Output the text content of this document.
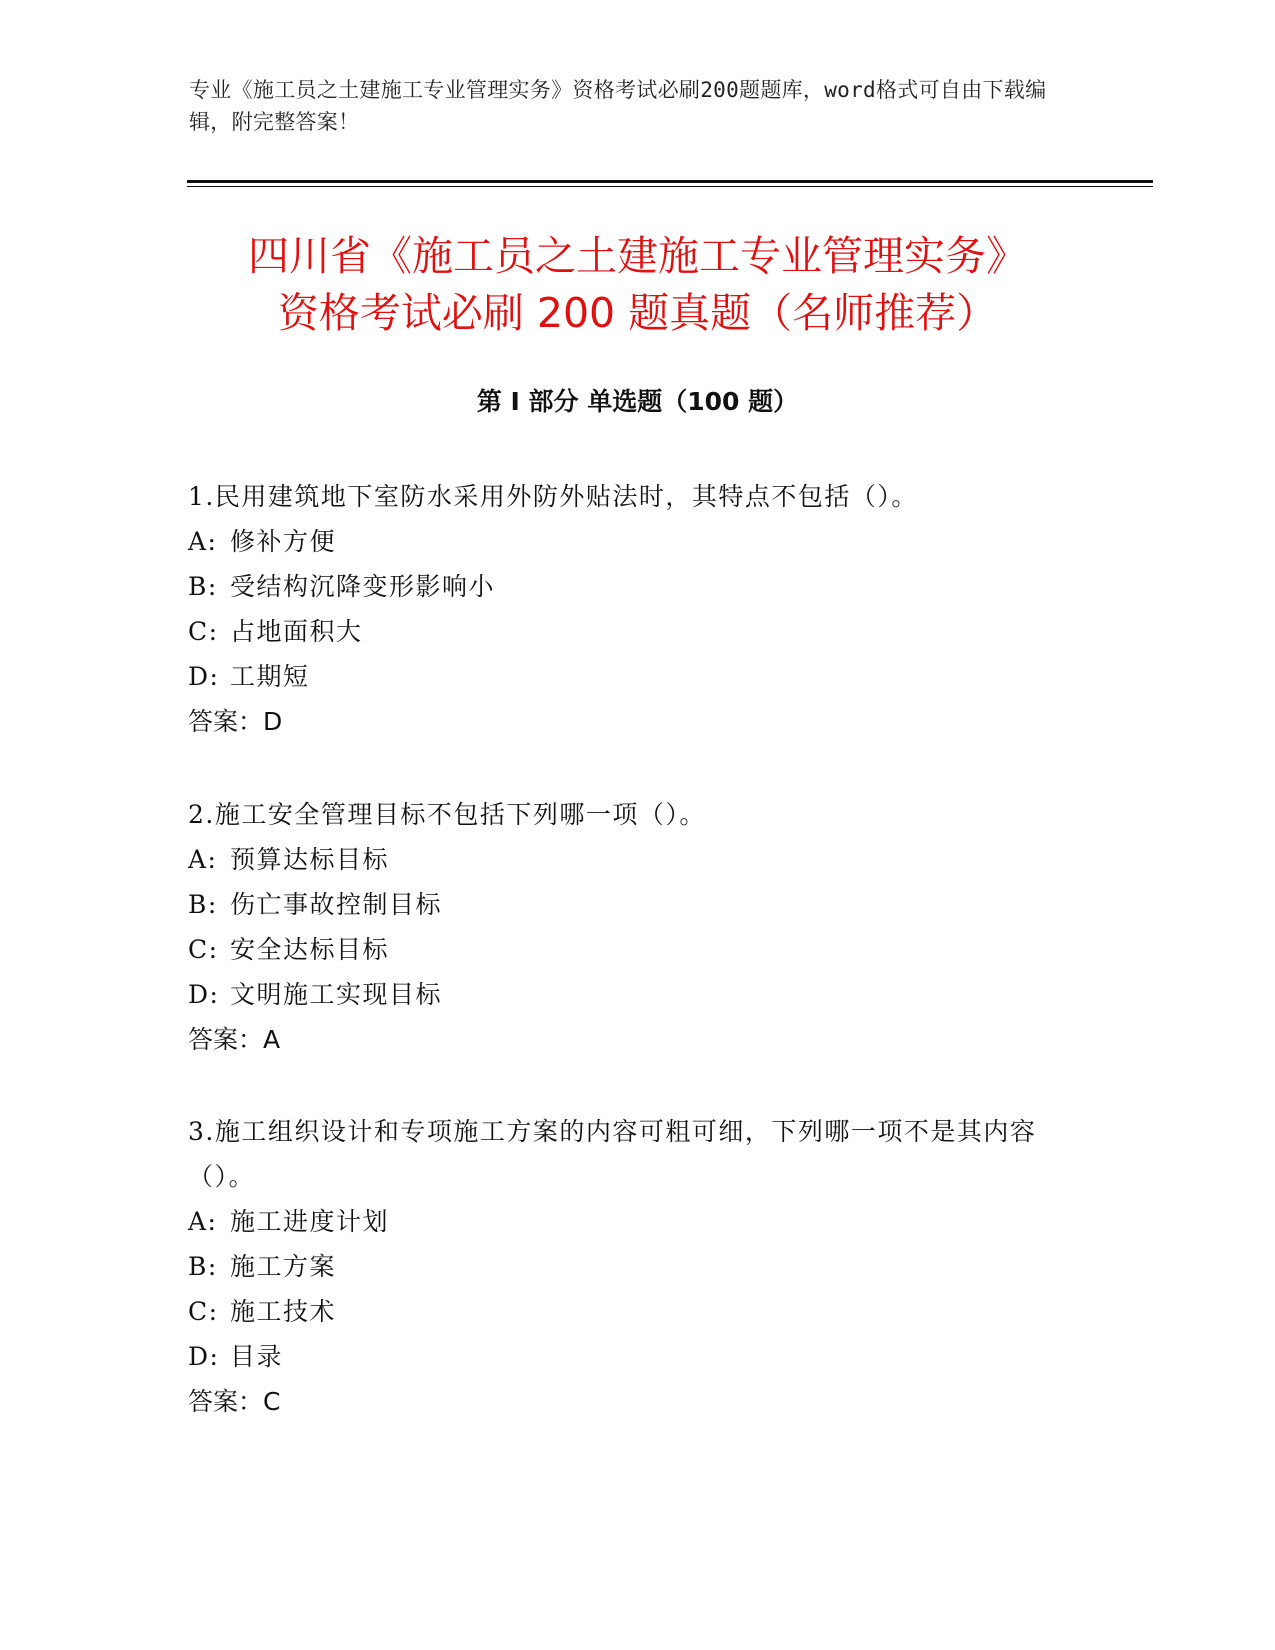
专业《施工员之土建施工专业管理实务》资格考试必刷200题题库，word格式可自由下载编辑，附完整答案！
四川省《施工员之土建施工专业管理实务》
资格考试必刷 200 题真题（名师推荐）
第 I 部分 单选题（100 题）
1.民用建筑地下室防水采用外防外贴法时，其特点不包括（）。
A: 修补方便
B: 受结构沉降变形影响小
C: 占地面积大
D: 工期短
答案：D
2.施工安全管理目标不包括下列哪一项（）。
A: 预算达标目标
B: 伤亡事故控制目标
C: 安全达标目标
D: 文明施工实现目标
答案：A
3.施工组织设计和专项施工方案的内容可粗可细，下列哪一项不是其内容（）。
A: 施工进度计划
B: 施工方案
C: 施工技术
D: 目录
答案：C
